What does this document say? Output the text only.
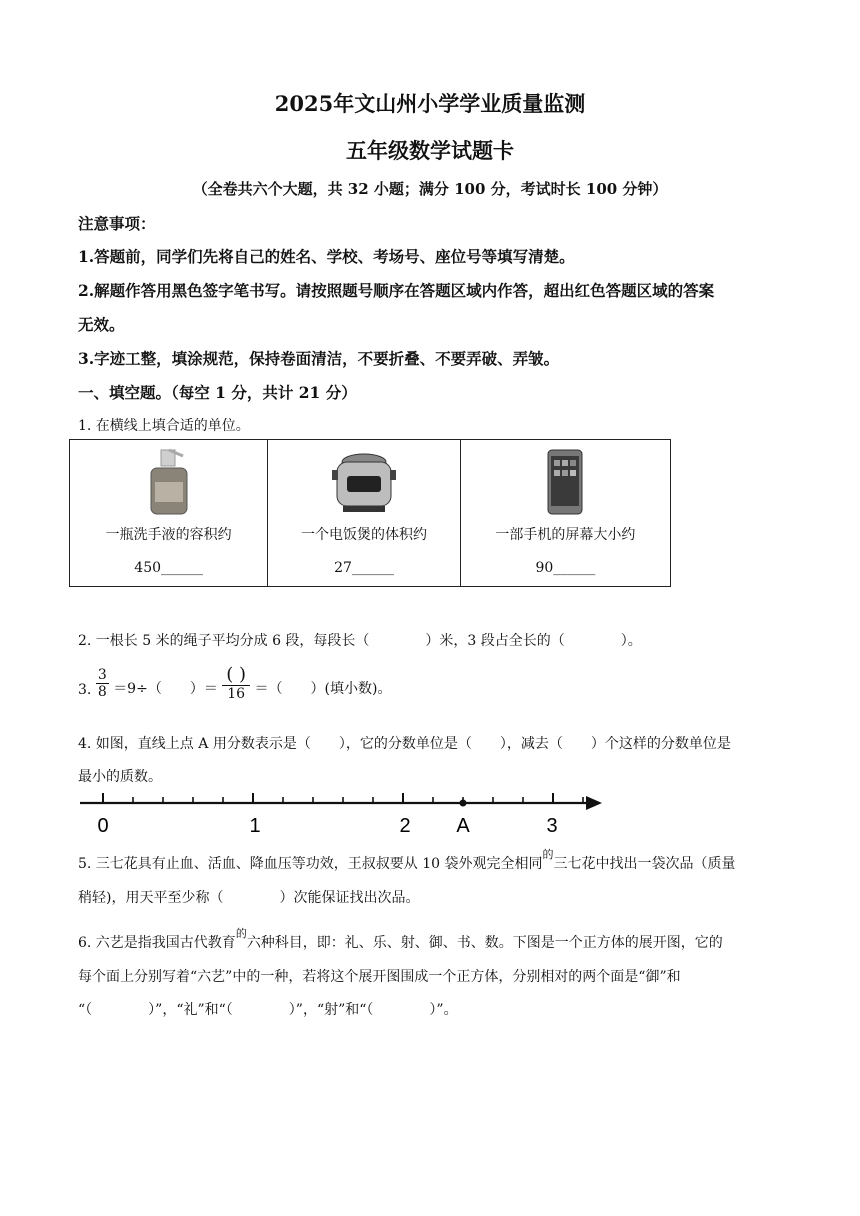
2025年文山州小学学业质量监测
五年级数学试题卡
（全卷共六个大题，共 32 小题；满分 100 分，考试时长 100 分钟）
注意事项：
1.答题前，同学们先将自己的姓名、学校、考场号、座位号等填写清楚。
2.解题作答用黑色签字笔书写。请按照题号顺序在答题区域内作答，超出红色答题区域的答案
无效。
3.字迹工整，填涂规范，保持卷面清洁，不要折叠、不要弄破、弄皱。
一、填空题。（每空 1 分，共计 21 分）
1. 在横线上填合适的单位。
一瓶洗手液的容积约
450______

一个电饭煲的体积约
27______

一部手机的屏幕大小约
90______
2. 一根长 5 米的绳子平均分成 6 段，每段长（　　　　）米，3 段占全长的（　　　　）。
3. $\frac{3}{8} =9\div$（　　）＝ $\frac{( )}{16}$ ＝（　　）(填小数)。
4. 如图，直线上点 A 用分数表示是（　　），它的分数单位是（　　），减去（　　）个这样的分数单位是
最小的质数。
0	1	2 A	3
5. 三七花具有止血、活血、降血压等功效，王叔叔要从 10 袋外观完全相同$^的$三七花中找出一袋次品（质量
稍轻)，用天平至少称（　　　　）次能保证找出次品。
6. 六艺是指我国古代教育$^的$六种科目，即：礼、乐、射、御、书、数。下图是一个正方体的展开图，它的
每个面上分别写着“六艺”中的一种，若将这个展开图围成一个正方体，分别相对的两个面是“御”和
“（　　　　）”，“礼”和“（　　　　）”，“射”和“（　　　　）”。
